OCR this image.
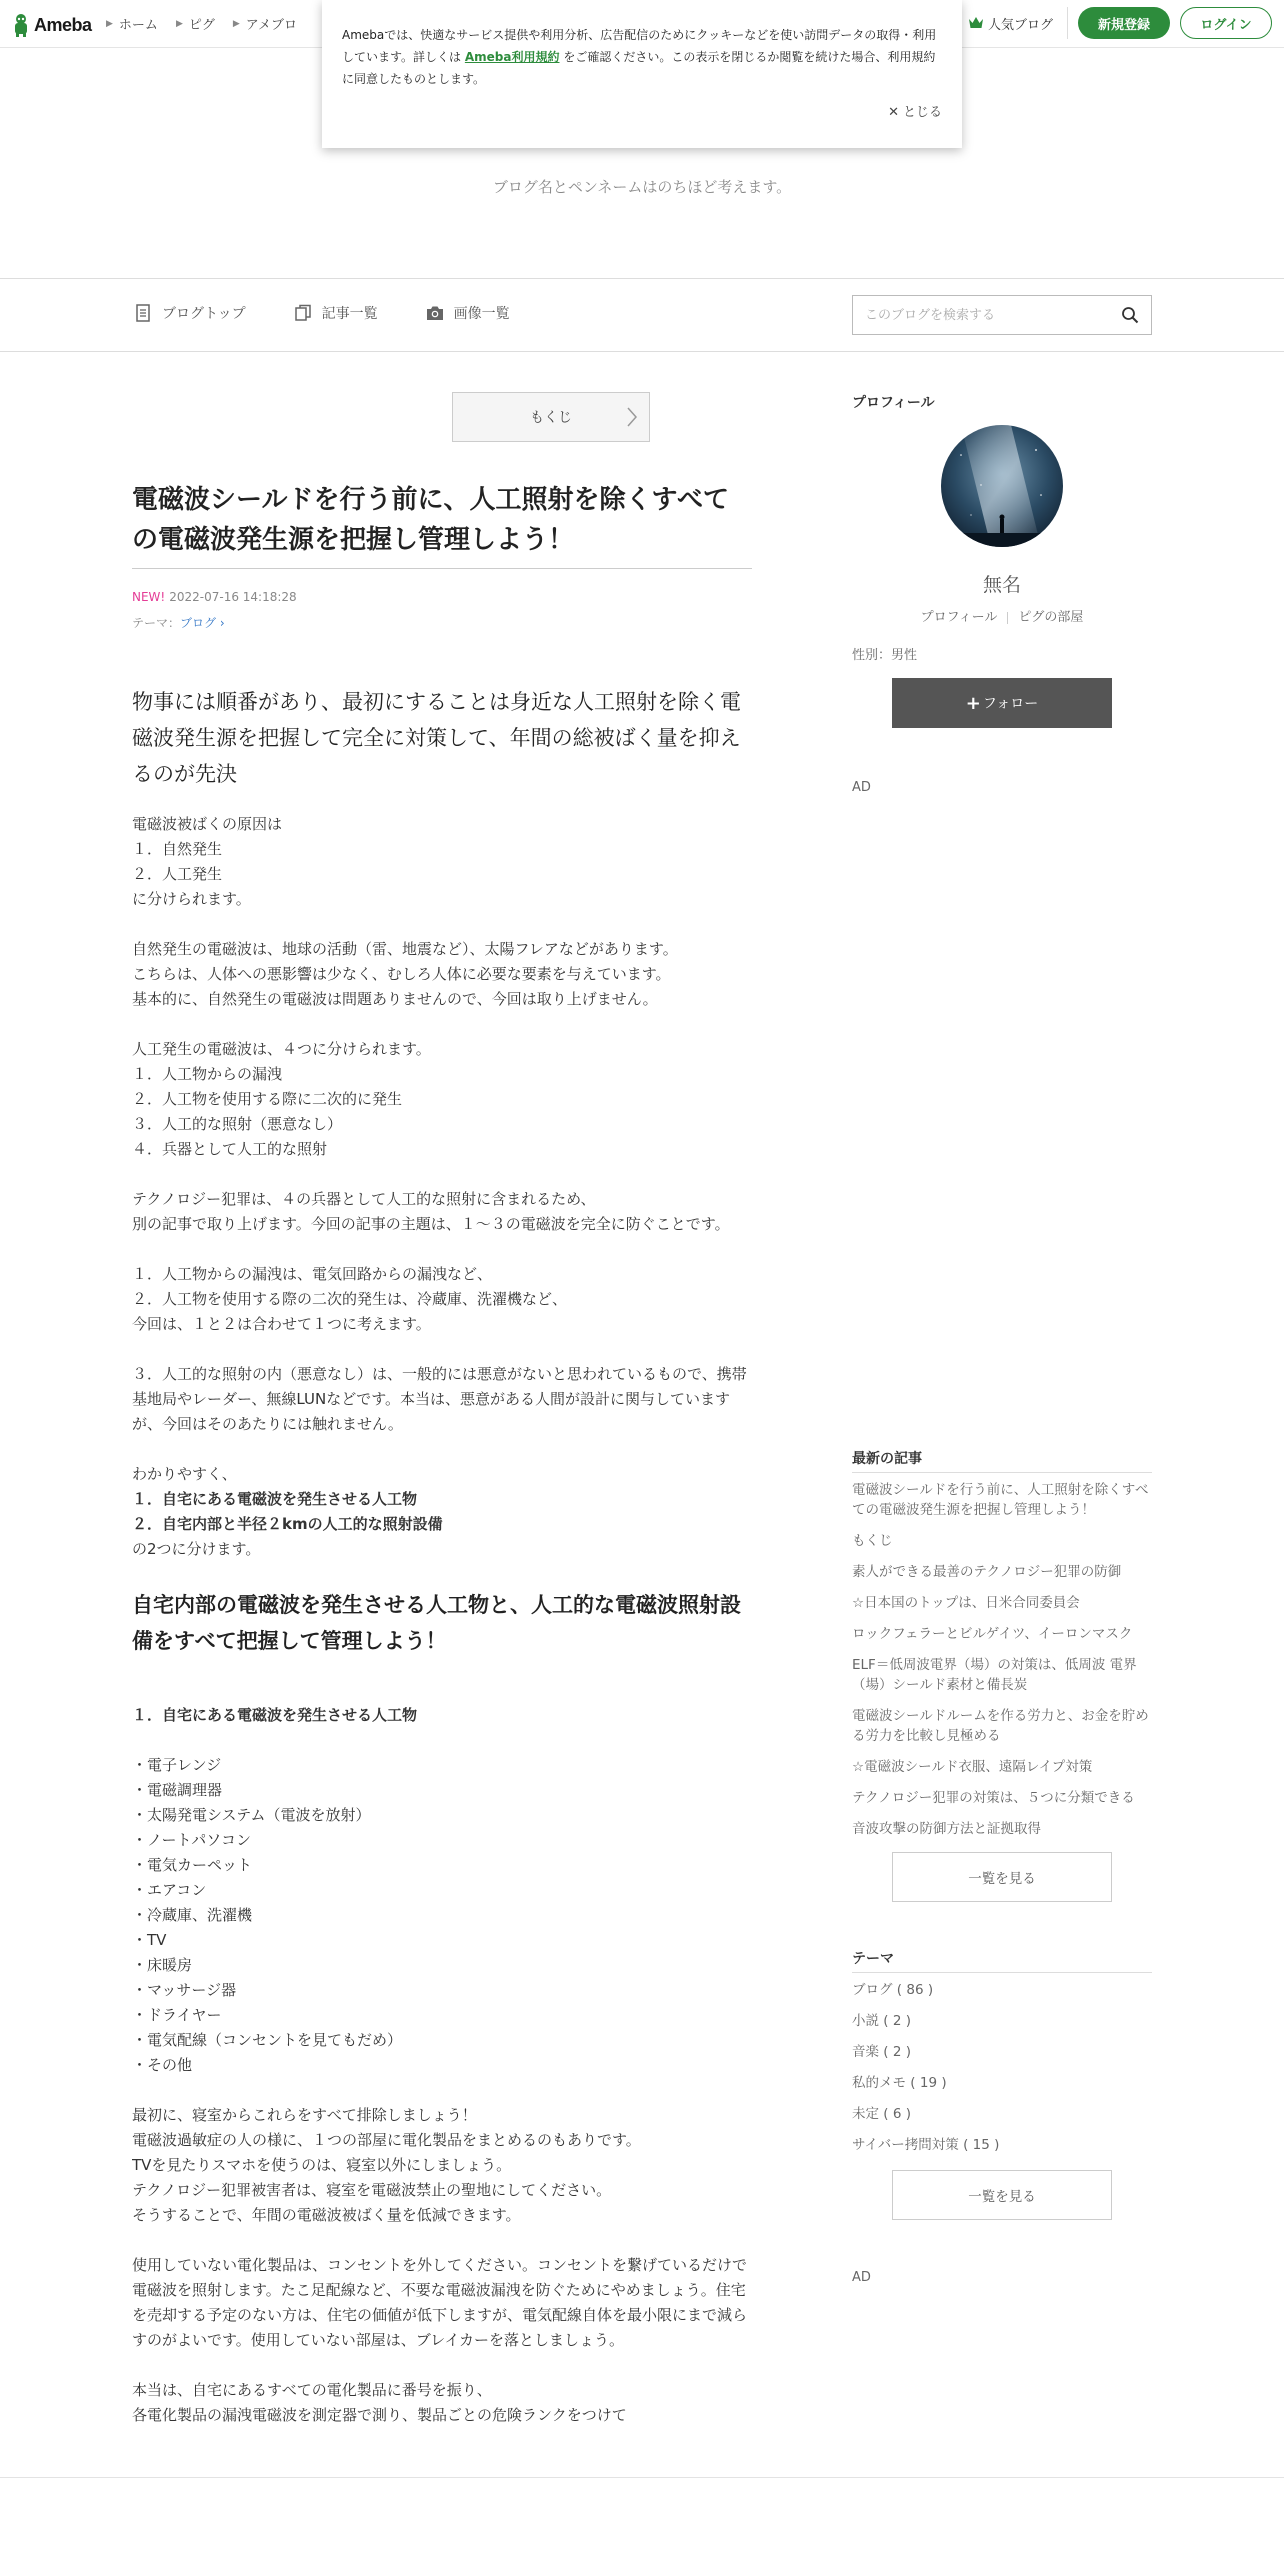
Ameba ▶ ホーム ▶ ピグ ▶ アメブロ	人気ブログ	新規登録	ログイン

Amebaでは、快適なサービス提供や利用分析、広告配信のためにクッキーなどを使い訪問データの取得・利用しています。詳しくは Ameba利用規約 をご確認ください。この表示を閉じるか閲覧を続けた場合、利用規約に同意したものとします。

✕ とじる
ブログ名とペンネームはのちほど考えます。
ブログトップ	記事一覧	画像一覧
このブログを検索する
もくじ
電磁波シールドを行う前に、人工照射を除くすべての電磁波発生源を把握し管理しよう！
NEW! 2022-07-16 14:18:28
テーマ：ブログ ›

物事には順番があり、最初にすることは身近な人工照射を除く電磁波発生源を把握して完全に対策して、年間の総被ばく量を抑えるのが先決

電磁波被ばくの原因は
１．自然発生
２．人工発生
に分けられます。
自然発生の電磁波は、地球の活動（雷、地震など）、太陽フレアなどがあります。
こちらは、人体への悪影響は少なく、むしろ人体に必要な要素を与えています。
基本的に、自然発生の電磁波は問題ありませんので、今回は取り上げません。
人工発生の電磁波は、４つに分けられます。
１．人工物からの漏洩
２．人工物を使用する際に二次的に発生
３．人工的な照射（悪意なし）
４．兵器として人工的な照射
テクノロジー犯罪は、４の兵器として人工的な照射に含まれるため、
別の記事で取り上げます。今回の記事の主題は、１～３の電磁波を完全に防ぐことです。
１．人工物からの漏洩は、電気回路からの漏洩など、
２．人工物を使用する際の二次的発生は、冷蔵庫、洗濯機など、
今回は、１と２は合わせて１つに考えます。
３．人工的な照射の内（悪意なし）は、一般的には悪意がないと思われているもので、携帯基地局やレーダー、無線LUNなどです。本当は、悪意がある人間が設計に関与していますが、今回はそのあたりには触れません。
わかりやすく、
１．自宅にある電磁波を発生させる人工物
２．自宅内部と半径２kmの人工的な照射設備
の2つに分けます。
自宅内部の電磁波を発生させる人工物と、人工的な電磁波照射設備をすべて把握して管理しよう！
１．自宅にある電磁波を発生させる人工物
・電子レンジ
・電磁調理器
・太陽発電システム（電波を放射）
・ノートパソコン
・電気カーペット
・エアコン
・冷蔵庫、洗濯機
・TV
・床暖房
・マッサージ器
・ドライヤー
・電気配線（コンセントを見てもだめ）
・その他
最初に、寝室からこれらをすべて排除しましょう！
電磁波過敏症の人の様に、１つの部屋に電化製品をまとめるのもありです。
TVを見たりスマホを使うのは、寝室以外にしましょう。
テクノロジー犯罪被害者は、寝室を電磁波禁止の聖地にしてください。
そうすることで、年間の電磁波被ばく量を低減できます。
使用していない電化製品は、コンセントを外してください。コンセントを繋げているだけで電磁波を照射します。たこ足配線など、不要な電磁波漏洩を防ぐためにやめましょう。住宅を売却する予定のない方は、住宅の価値が低下しますが、電気配線自体を最小限にまで減らすのがよいです。使用していない部屋は、ブレイカーを落としましょう。
本当は、自宅にあるすべての電化製品に番号を振り、
各電化製品の漏洩電磁波を測定器で測り、製品ごとの危険ランクをつけて
プロフィール
無名
プロフィール ピグの部屋
性別：男性
+ フォロー
AD
最新の記事
電磁波シールドを行う前に、人工照射を除くすべての電磁波発生源を把握し管理しよう！
もくじ
素人ができる最善のテクノロジー犯罪の防御
☆日本国のトップは、日米合同委員会
ロックフェラーとビルゲイツ、イーロンマスク
ELF＝低周波電界（場）の対策は、低周波 電界（場）シールド素材と備長炭
電磁波シールドルームを作る労力と、お金を貯める労力を比較し見極める
☆電磁波シールド衣服、遠隔レイプ対策
テクノロジー犯罪の対策は、５つに分類できる
音波攻撃の防御方法と証拠取得
一覧を見る
テーマ
ブログ ( 86 )
小説 ( 2 )
音楽 ( 2 )
私的メモ ( 19 )
未定 ( 6 )
サイバー拷問対策 ( 15 )
一覧を見る
AD
